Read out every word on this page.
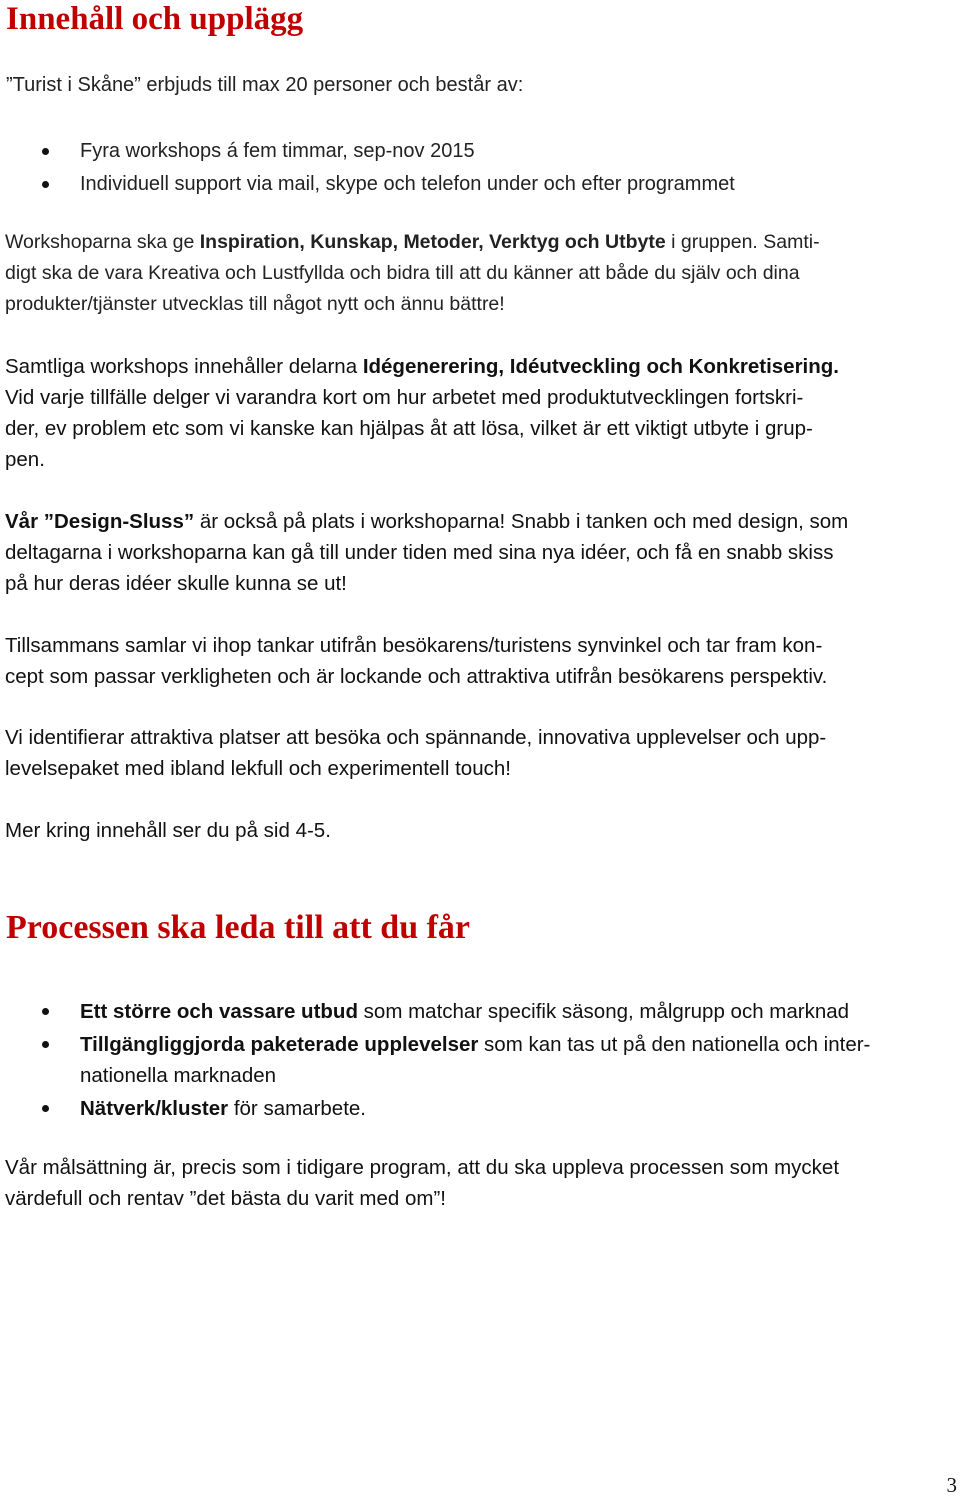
Innehåll och upplägg

”Turist i Skåne” erbjuds till max 20 personer och består av:

Fyra workshops á fem timmar, sep-nov 2015
Individuell support via mail, skype och telefon under och efter programmet

Workshoparna ska ge Inspiration, Kunskap, Metoder, Verktyg och Utbyte i gruppen. Samti-
digt ska de vara Kreativa och Lustfyllda och bidra till att du känner att både du själv och dina
produkter/tjänster utvecklas till något nytt och ännu bättre!

Samtliga workshops innehåller delarna Idégenerering, Idéutveckling och Konkretisering.
Vid varje tillfälle delger vi varandra kort om hur arbetet med produktutvecklingen fortskri-
der, ev problem etc som vi kanske kan hjälpas åt att lösa, vilket är ett viktigt utbyte i grup-
pen.

Vår ”Design-Sluss” är också på plats i workshoparna! Snabb i tanken och med design, som
deltagarna i workshoparna kan gå till under tiden med sina nya idéer, och få en snabb skiss
på hur deras idéer skulle kunna se ut!

Tillsammans samlar vi ihop tankar utifrån besökarens/turistens synvinkel och tar fram kon-
cept som passar verkligheten och är lockande och attraktiva utifrån besökarens perspektiv.

Vi identifierar attraktiva platser att besöka och spännande, innovativa upplevelser och upp-
levelsepaket med ibland lekfull och experimentell touch!

Mer kring innehåll ser du på sid 4-5.

Processen ska leda till att du får
Ett större och vassare utbud som matchar specifik säsong, målgrupp och marknad
Tillgängliggjorda paketerade upplevelser som kan tas ut på den nationella och inter-nationella marknaden
Nätverk/kluster för samarbete.

Vår målsättning är, precis som i tidigare program, att du ska uppleva processen som mycket
värdefull och rentav ”det bästa du varit med om”!

3
